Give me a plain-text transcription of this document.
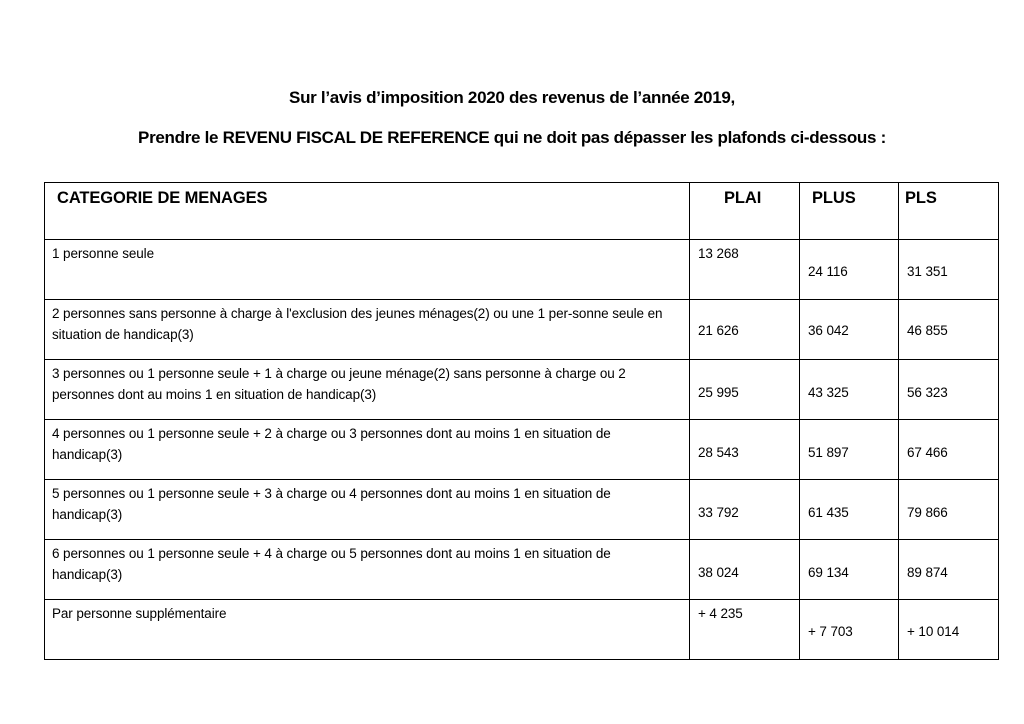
Sur l’avis d’imposition 2020 des revenus de l’année 2019,
Prendre le REVENU FISCAL DE REFERENCE qui ne doit pas dépasser les plafonds ci-dessous :
CATEGORIE DE MENAGES	PLAI	PLUS	PLS

1 personne seule	13 268	24 116	31 351

2 personnes sans personne à charge à l'exclusion des jeunes ménages(2) ou une 1 per-sonne seule en situation de handicap(3)	21 626	36 042	46 855

3 personnes ou 1 personne seule + 1 à charge ou jeune ménage(2) sans personne à charge ou 2 personnes dont au moins 1 en situation de handicap(3)	25 995	43 325	56 323

4 personnes ou 1 personne seule + 2 à charge ou 3 personnes dont au moins 1 en situation de handicap(3)	28 543	51 897	67 466

5 personnes ou 1 personne seule + 3 à charge ou 4 personnes dont au moins 1 en situation de handicap(3)	33 792	61 435	79 866

6 personnes ou 1 personne seule + 4 à charge ou 5 personnes dont au moins 1 en situation de handicap(3)	38 024	69 134	89 874

Par personne supplémentaire	+ 4 235	+ 7 703	+ 10 014
